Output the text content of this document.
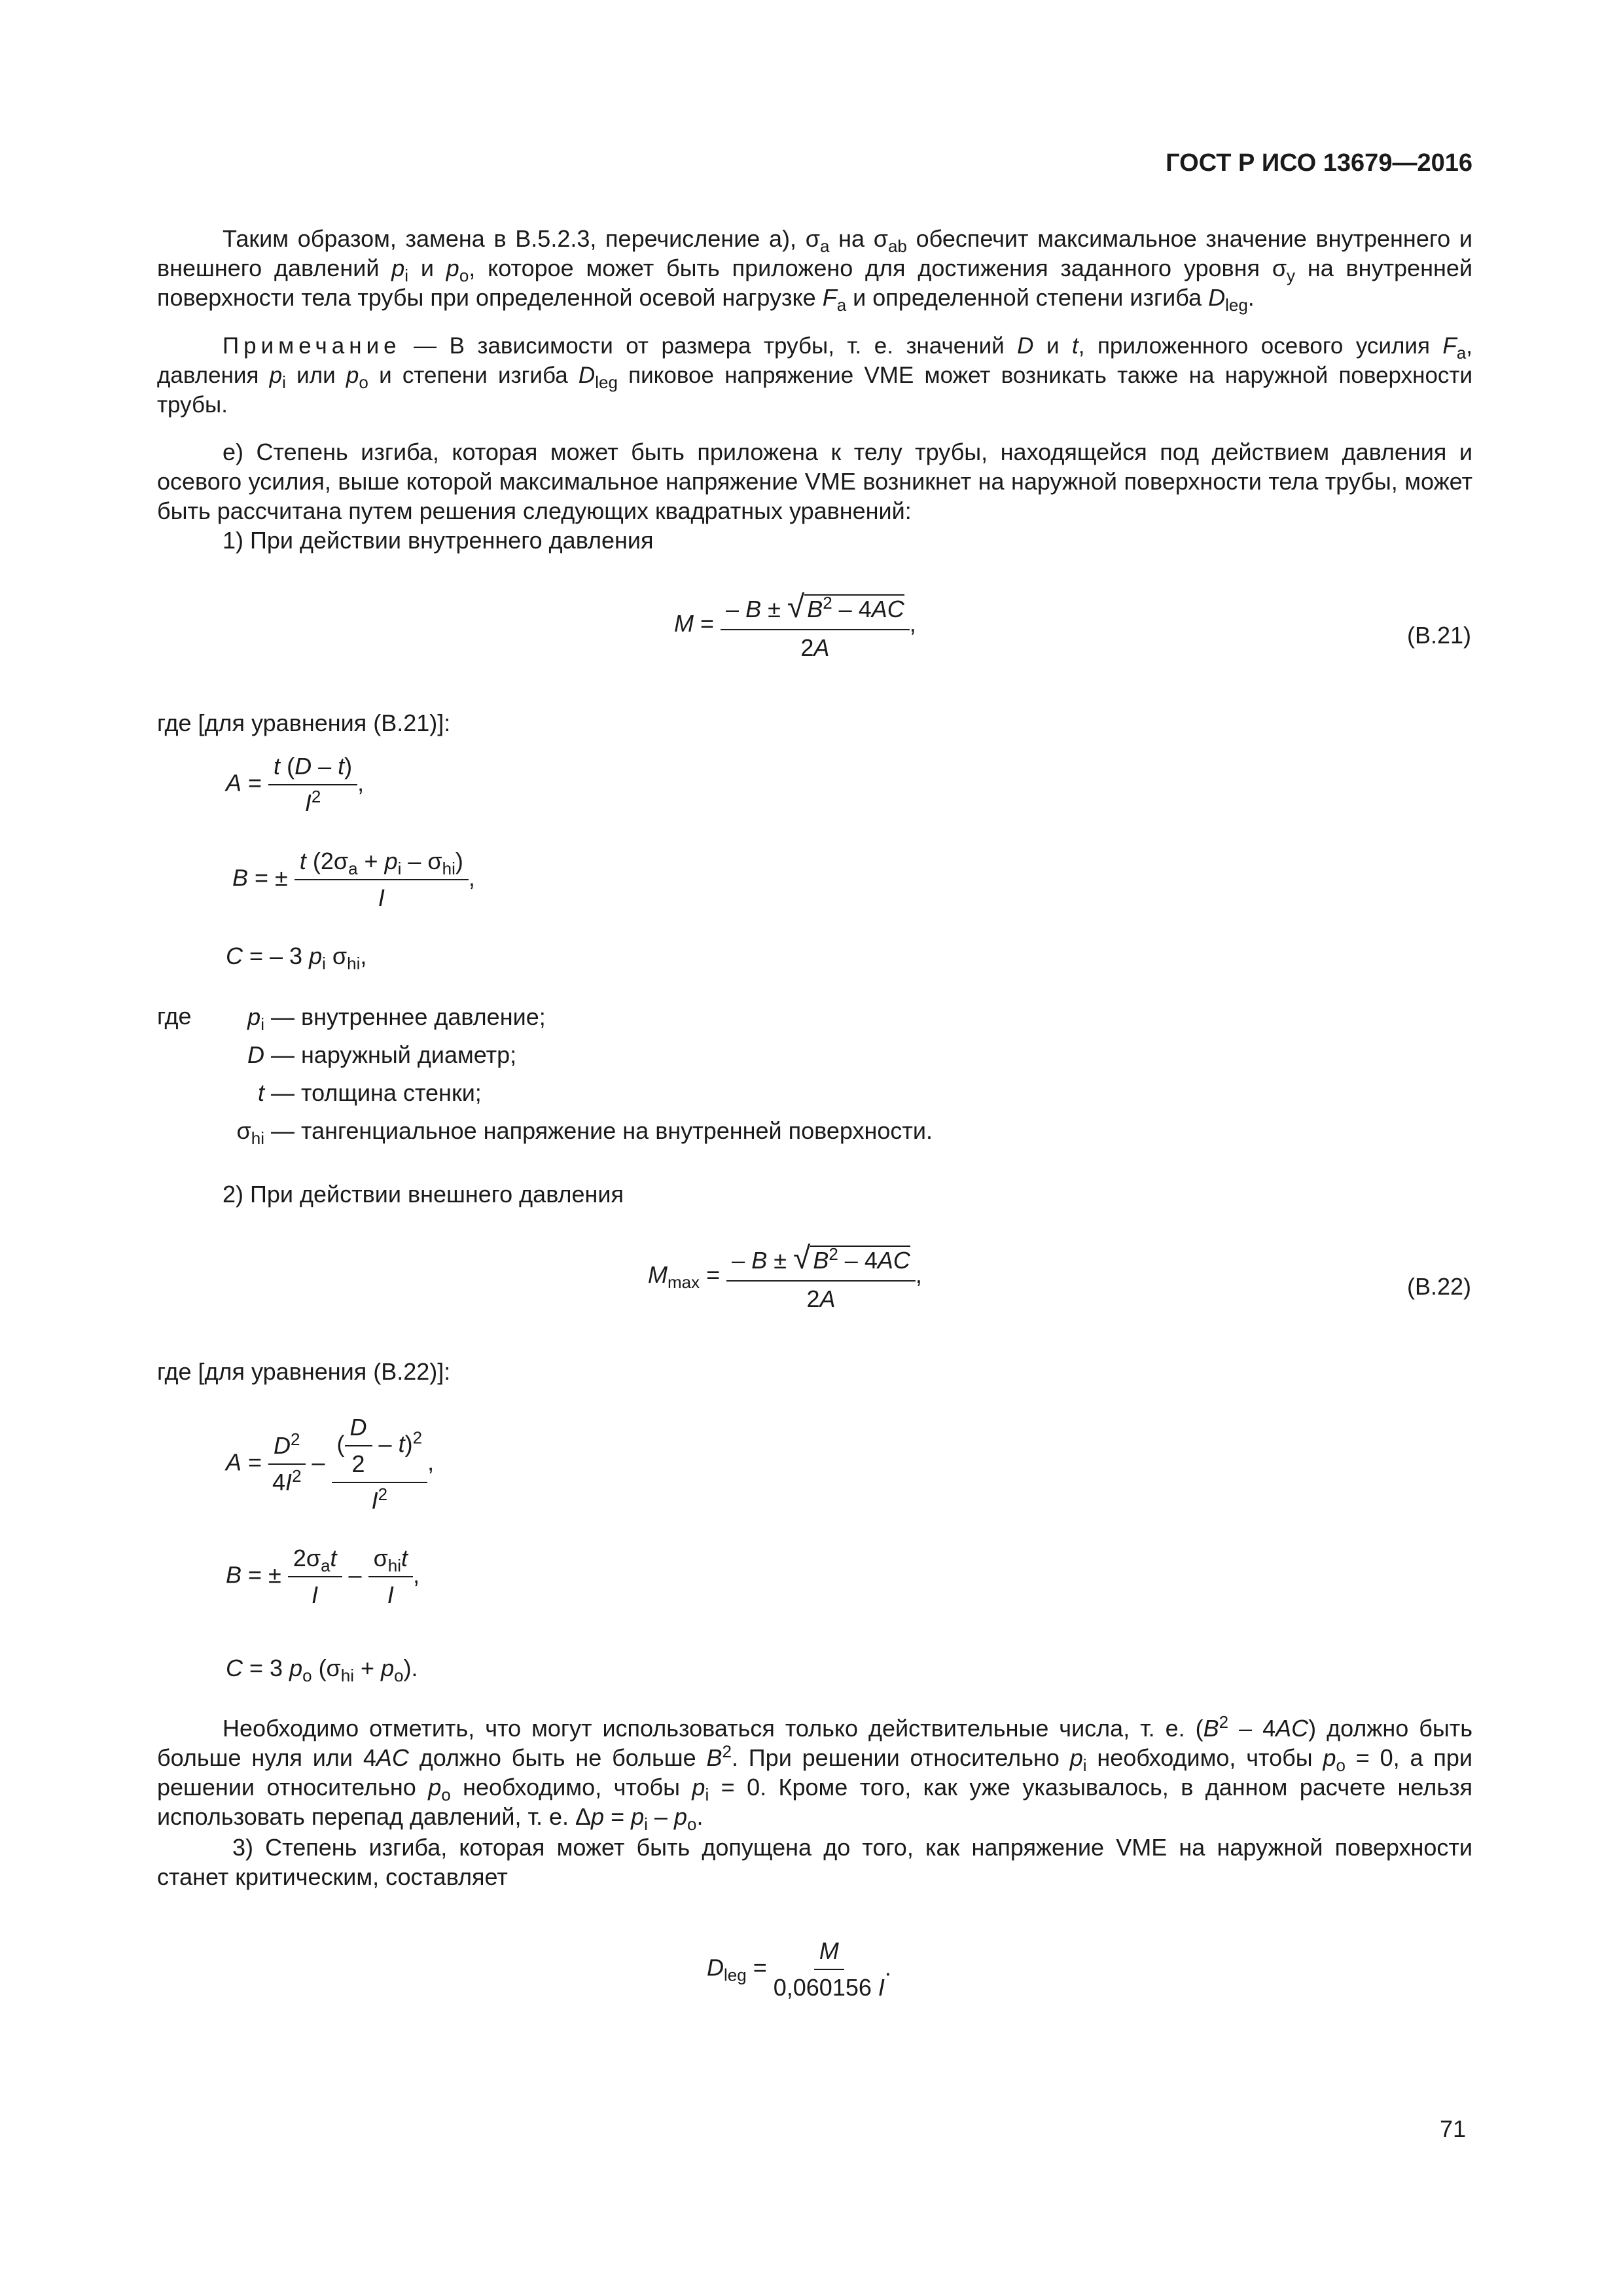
ГОСТ Р ИСО 13679—2016
Таким образом, замена в В.5.2.3, перечисление а), $\sigma_a$ на $\sigma_{ab}$ обеспечит максимальное значение внутреннего и внешнего давлений $p_i$ и $p_o$, которое может быть приложено для достижения заданного уровня $\sigma_y$ на внутренней поверхности тела трубы при определенной осевой нагрузке $F_a$ и определенной степени изгиба $D_{leg}$.
Примечание — В зависимости от размера трубы, т. е. значений D и t, приложенного осевого усилия $F_a$, давления $p_i$ или $p_o$ и степени изгиба $D_{leg}$ пиковое напряжение VME может возникать также на наружной поверхности трубы.
е) Степень изгиба, которая может быть приложена к телу трубы, находящейся под действием давления и осевого усилия, выше которой максимальное напряжение VME возникнет на наружной поверхности тела трубы, может быть рассчитана путем решения следующих квадратных уравнений:
1) При действии внутреннего давления
$M = \frac{- B \pm √ B^2 - 4AC}{2A}$ ,	(В.21)
где [для уравнения (В.21)]:
$A = \frac{t (D - t)}{I^2}$ ,
B = ± $\frac{t (2\sigma_a + p_i - \sigma_{hi})}{I}$ ,
C = – 3 $p_i$ $\sigma_{hi}$,
где $p_i$ —	внутреннее давление;
D —	наружный диаметр;
t —	толщина стенки;
$\sigma_{hi}$ —	тангенциальное напряжение на внутренней поверхности.
2) При действии внешнего давления
$M_{max} = \frac{- B \pm √ B^2 - 4AC}{2A}$ ,	(В.22)
где [для уравнения (В.22)]:
$A = \frac{D^2}{4I^2} - \frac{( \frac{D}{2} - t)^2}{I^2}$ ,
B = ± $\frac{2\sigma_at}{I} - \frac{\sigma_{hi}t}{I}$ ,
C = 3 $p_o$ $(\sigma_{hi} + p_o)$.
Необходимо отметить, что могут использоваться только действительные числа, т. е. $(B^2 - 4AC)$ должно быть больше нуля или 4AC должно быть не больше $B^2$. При решении относительно $p_i$ необходимо, чтобы $p_o = 0$, а при решении относительно $p_o$ необходимо, чтобы $p_i = 0$. Кроме того, как уже указывалось, в данном расчете нельзя использовать перепад давлений, т. е. $\Delta p = p_i - p_o$.
3) Степень изгиба, которая может быть допущена до того, как напряжение VME на наружной поверхности станет критическим, составляет
$D_{leg} = \frac{M}{0,060156 I}$ .
71
